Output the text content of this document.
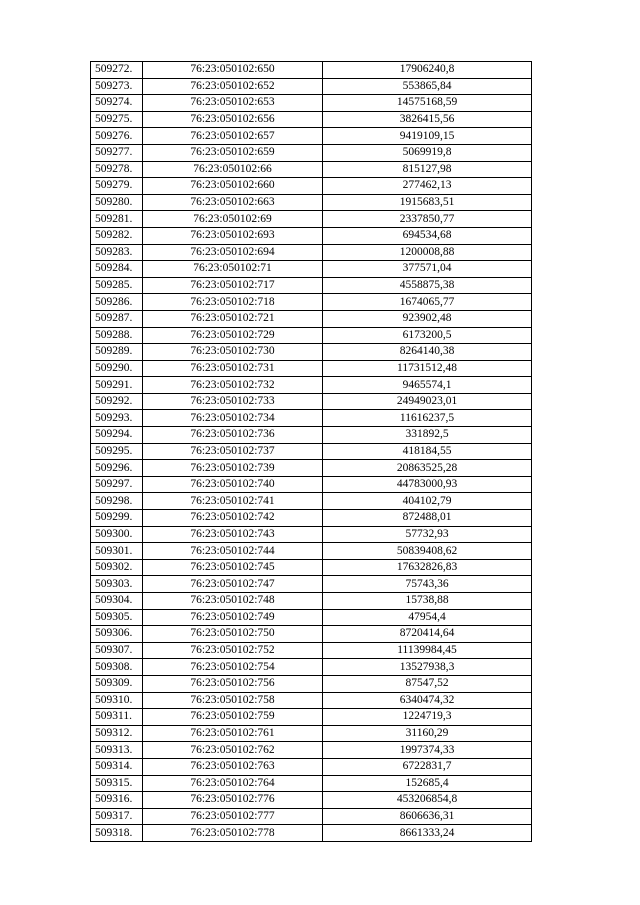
509272.	76:23:050102:650	17906240,8
509273.	76:23:050102:652	553865,84
509274.	76:23:050102:653	14575168,59
509275.	76:23:050102:656	3826415,56
509276.	76:23:050102:657	9419109,15
509277.	76:23:050102:659	5069919,8
509278.	76:23:050102:66	815127,98
509279.	76:23:050102:660	277462,13
509280.	76:23:050102:663	1915683,51
509281.	76:23:050102:69	2337850,77
509282.	76:23:050102:693	694534,68
509283.	76:23:050102:694	1200008,88
509284.	76:23:050102:71	377571,04
509285.	76:23:050102:717	4558875,38
509286.	76:23:050102:718	1674065,77
509287.	76:23:050102:721	923902,48
509288.	76:23:050102:729	6173200,5
509289.	76:23:050102:730	8264140,38
509290.	76:23:050102:731	11731512,48
509291.	76:23:050102:732	9465574,1
509292.	76:23:050102:733	24949023,01
509293.	76:23:050102:734	11616237,5
509294.	76:23:050102:736	331892,5
509295.	76:23:050102:737	418184,55
509296.	76:23:050102:739	20863525,28
509297.	76:23:050102:740	44783000,93
509298.	76:23:050102:741	404102,79
509299.	76:23:050102:742	872488,01
509300.	76:23:050102:743	57732,93
509301.	76:23:050102:744	50839408,62
509302.	76:23:050102:745	17632826,83
509303.	76:23:050102:747	75743,36
509304.	76:23:050102:748	15738,88
509305.	76:23:050102:749	47954,4
509306.	76:23:050102:750	8720414,64
509307.	76:23:050102:752	11139984,45
509308.	76:23:050102:754	13527938,3
509309.	76:23:050102:756	87547,52
509310.	76:23:050102:758	6340474,32
509311.	76:23:050102:759	1224719,3
509312.	76:23:050102:761	31160,29
509313.	76:23:050102:762	1997374,33
509314.	76:23:050102:763	6722831,7
509315.	76:23:050102:764	152685,4
509316.	76:23:050102:776	453206854,8
509317.	76:23:050102:777	8606636,31
509318.	76:23:050102:778	8661333,24
